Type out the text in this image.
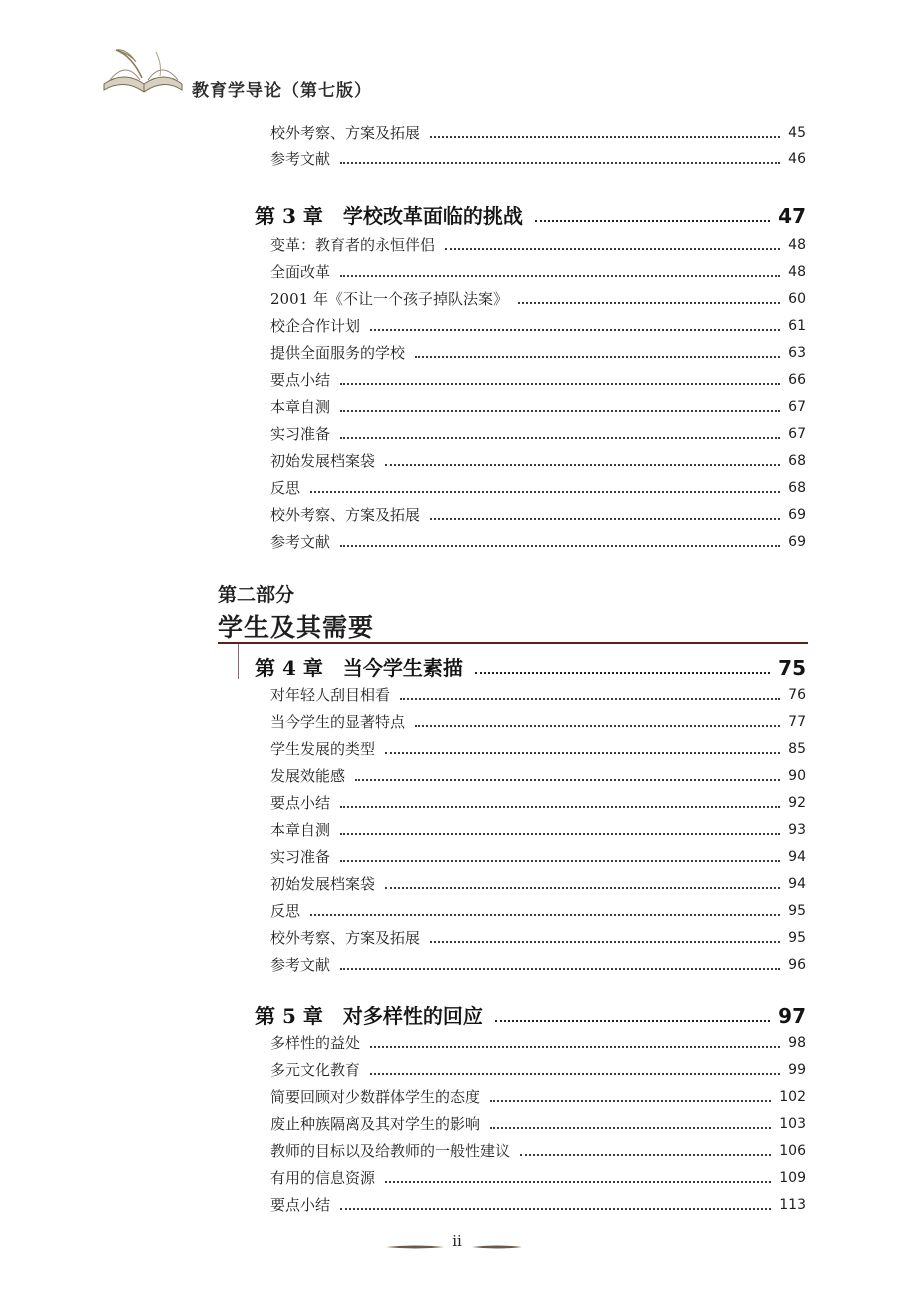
教育学导论（第七版）
校外考察、方案及拓展	45
参考文献	46
第 3 章　学校改革面临的挑战	47
变革：教育者的永恒伴侣	48
全面改革	48
2001 年《不让一个孩子掉队法案》	60
校企合作计划	61
提供全面服务的学校	63
要点小结	66
本章自测	67
实习准备	67
初始发展档案袋	68
反思	68
校外考察、方案及拓展	69
参考文献	69
第二部分
学生及其需要
第 4 章　当今学生素描	75
对年轻人刮目相看	76
当今学生的显著特点	77
学生发展的类型	85
发展效能感	90
要点小结	92
本章自测	93
实习准备	94
初始发展档案袋	94
反思	95
校外考察、方案及拓展	95
参考文献	96
第 5 章　对多样性的回应	97
多样性的益处	98
多元文化教育	99
简要回顾对少数群体学生的态度	102
废止种族隔离及其对学生的影响	103
教师的目标以及给教师的一般性建议	106
有用的信息资源	109
要点小结	113
ii
